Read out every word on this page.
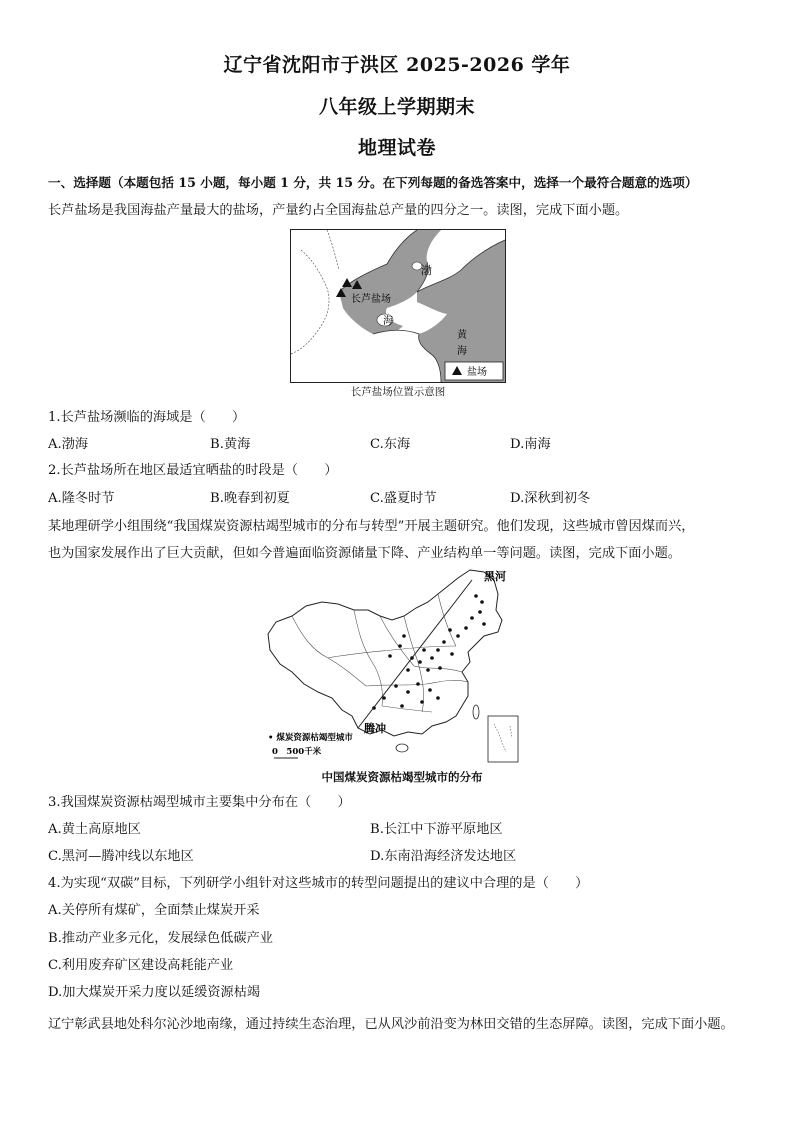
辽宁省沈阳市于洪区 2025-2026 学年
八年级上学期期末
地理试卷
一、选择题（本题包括 15 小题，每小题 1 分，共 15 分。在下列每题的备选答案中，选择一个最符合题意的选项）
长芦盐场是我国海盐产量最大的盐场，产量约占全国海盐总产量的四分之一。读图，完成下面小题。
渤
长芦盐场
海
黄
海
盐场
长芦盐场位置示意图
1.长芦盐场濒临的海域是（　　）
A.渤海	B.黄海	C.东海	D.南海
2.长芦盐场所在地区最适宜晒盐的时段是（　　）
A.隆冬时节	B.晚春到初夏	C.盛夏时节	D.深秋到初冬
某地理研学小组围绕“我国煤炭资源枯竭型城市的分布与转型”开展主题研究。他们发现，这些城市曾因煤而兴，
也为国家发展作出了巨大贡献，但如今普遍面临资源储量下降、产业结构单一等问题。读图，完成下面小题。
黑河
腾冲
• 煤炭资源枯竭型城市
0　500千米
中国煤炭资源枯竭型城市的分布
3.我国煤炭资源枯竭型城市主要集中分布在（　　）
A.黄土高原地区	B.长江中下游平原地区
C.黑河—腾冲线以东地区	D.东南沿海经济发达地区
4.为实现“双碳”目标，下列研学小组针对这些城市的转型问题提出的建议中合理的是（　　）
A.关停所有煤矿，全面禁止煤炭开采
B.推动产业多元化，发展绿色低碳产业
C.利用废弃矿区建设高耗能产业
D.加大煤炭开采力度以延缓资源枯竭
辽宁彰武县地处科尔沁沙地南缘，通过持续生态治理，已从风沙前沿变为林田交错的生态屏障。读图，完成下面小题。
